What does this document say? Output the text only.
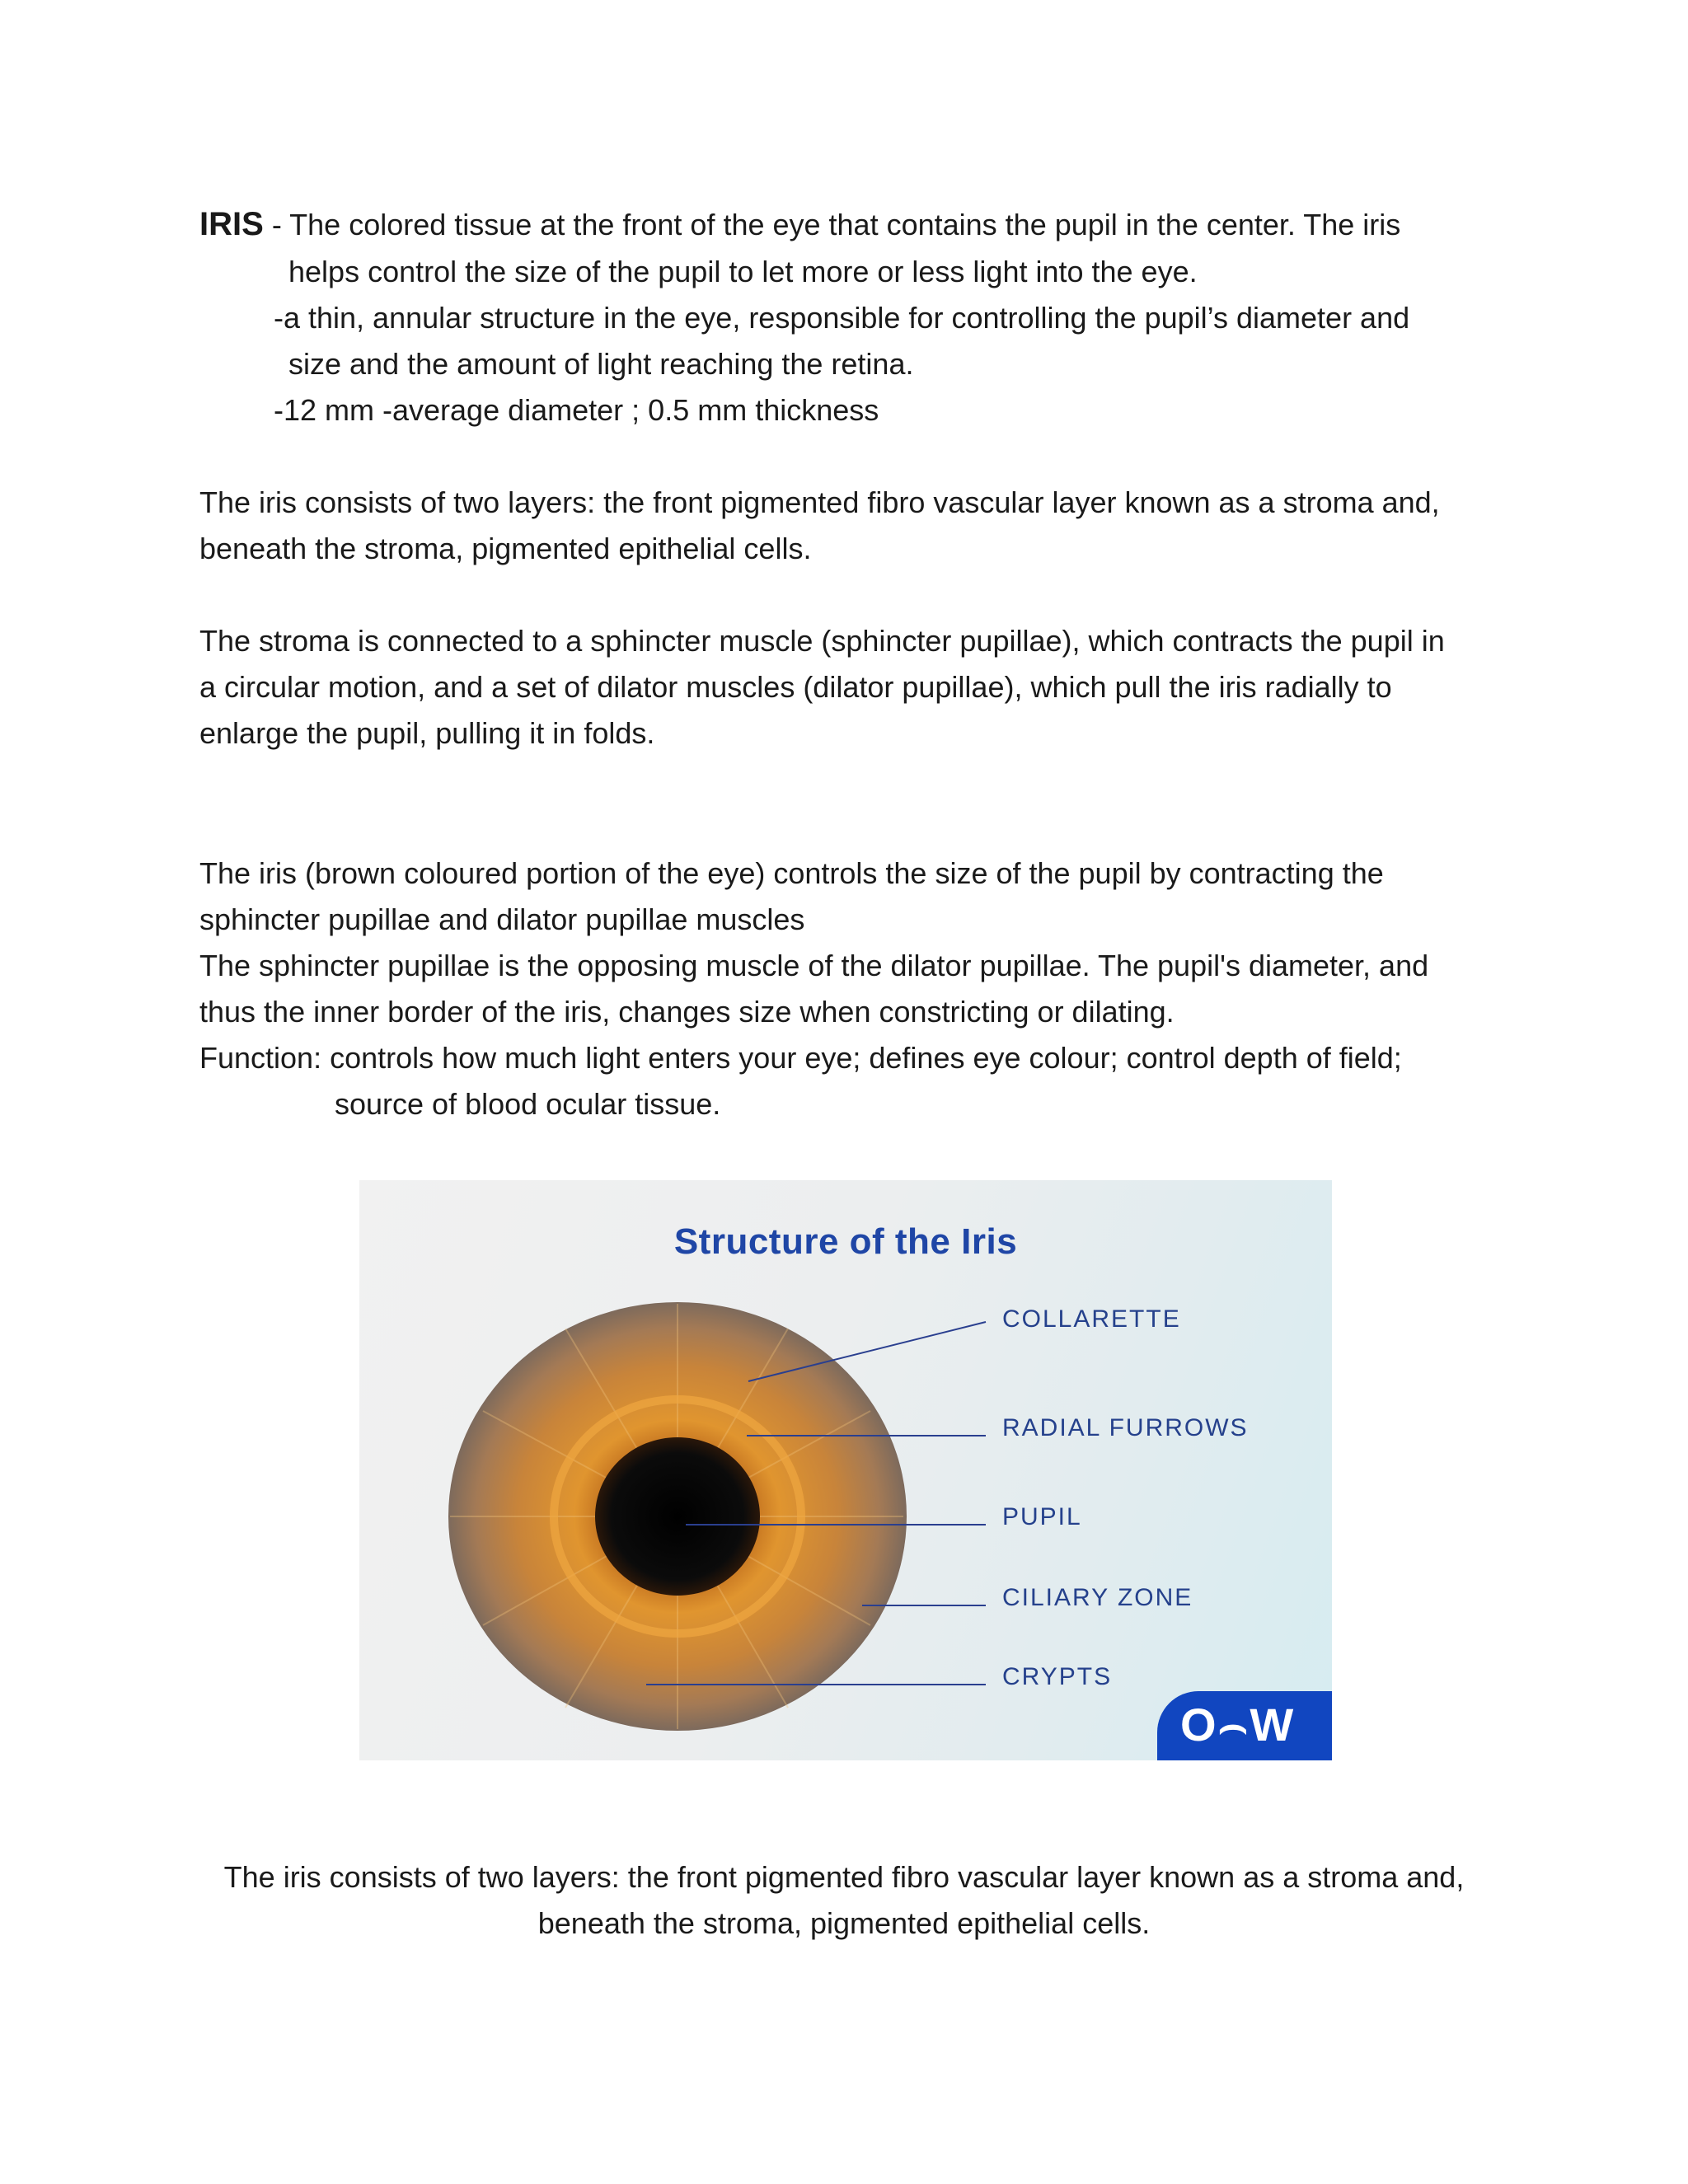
IRIS - The colored tissue at the front of the eye that contains the pupil in the center. The iris
helps control the size of the pupil to let more or less light into the eye.
-a thin, annular structure in the eye, responsible for controlling the pupil’s diameter and
size and the amount of light reaching the retina.
-12 mm -average diameter ; 0.5 mm thickness
The iris consists of two layers: the front pigmented fibro vascular layer known as a stroma and,
beneath the stroma, pigmented epithelial cells.
The stroma is connected to a sphincter muscle (sphincter pupillae), which contracts the pupil in
a circular motion, and a set of dilator muscles (dilator pupillae), which pull the iris radially to
enlarge the pupil, pulling it in folds.
The iris (brown coloured portion of the eye) controls the size of the pupil by contracting the
sphincter pupillae and dilator pupillae muscles
The sphincter pupillae is the opposing muscle of the dilator pupillae. The pupil's diameter, and
thus the inner border of the iris, changes size when constricting or dilating.
Function: controls how much light enters your eye; defines eye colour; control depth of field;
source of blood ocular tissue.
Structure of the Iris
COLLARETTE
RADIAL FURROWS
PUPIL
CILIARY ZONE
CRYPTS
O⌢W
The iris consists of two layers: the front pigmented fibro vascular layer known as a stroma and,
beneath the stroma, pigmented epithelial cells.
